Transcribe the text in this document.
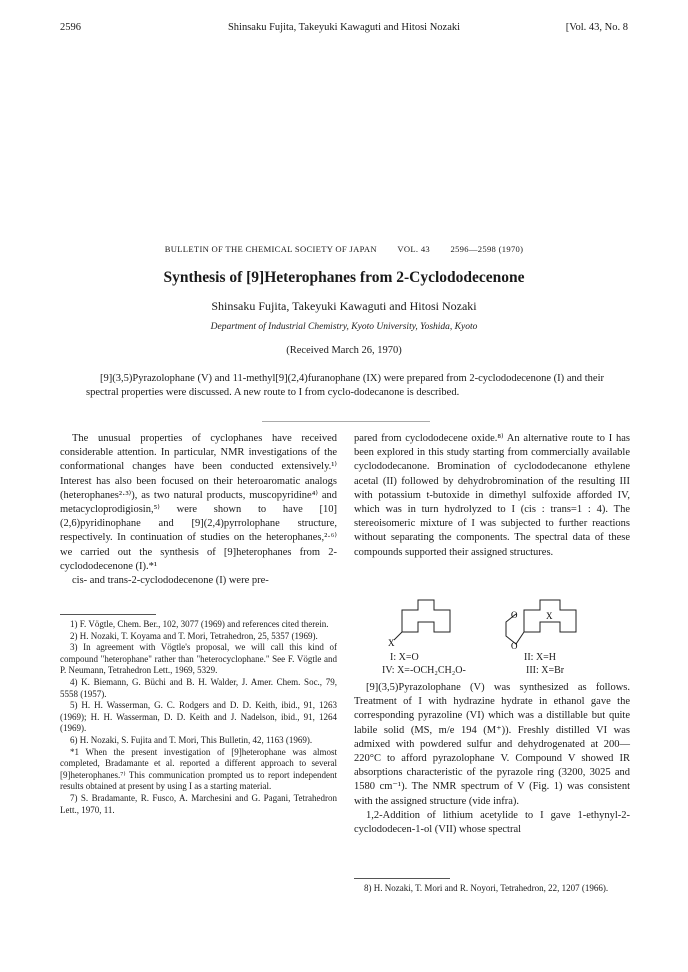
2596	Shinsaku Fujita, Takeyuki Kawaguti and Hitosi Nozaki	[Vol. 43, No. 8
BULLETIN OF THE CHEMICAL SOCIETY OF JAPAN VOL. 43 2596—2598 (1970)
Synthesis of [9]Heterophanes from 2-Cyclododecenone
Shinsaku Fujita, Takeyuki Kawaguti and Hitosi Nozaki
Department of Industrial Chemistry, Kyoto University, Yoshida, Kyoto
(Received March 26, 1970)
[9](3,5)Pyrazolophane (V) and 11-methyl[9](2,4)furanophane (IX) were prepared from 2-cyclododecenone (I) and their spectral properties were discussed. A new route to I from cyclo-dodecanone is described.

The unusual properties of cyclophanes have received considerable attention. In particular, NMR investigations of the conformational changes have been conducted extensively.¹⁾ Interest has also been focused on their heteroaromatic analogs (heterophanes²·³⁾), as two natural products, muscopyridine⁴⁾ and metacycloprodigiosin,⁵⁾ were shown to have [10](2,6)pyridinophane and [9](2,4)pyrrolophane structure, respectively. In continuation of studies on the heterophanes,²·⁶⁾ we carried out the synthesis of [9]heterophanes from 2-cyclododecenone (I).*¹

cis- and trans-2-cyclododecenone (I) were pre-

1) F. Vögtle, Chem. Ber., 102, 3077 (1969) and references cited therein.

2) H. Nozaki, T. Koyama and T. Mori, Tetrahedron, 25, 5357 (1969).

3) In agreement with Vögtle's proposal, we will call this kind of compound "heterophane" rather than "heterocyclophane." See F. Vögtle and P. Neumann, Tetrahedron Lett., 1969, 5329.

4) K. Biemann, G. Büchi and B. H. Walder, J. Amer. Chem. Soc., 79, 5558 (1957).

5) H. H. Wasserman, G. C. Rodgers and D. D. Keith, ibid., 91, 1263 (1969); H. H. Wasserman, D. D. Keith and J. Nadelson, ibid., 91, 1264 (1969).

6) H. Nozaki, S. Fujita and T. Mori, This Bulletin, 42, 1163 (1969).

*1 When the present investigation of [9]heterophane was almost completed, Bradamante et al. reported a different approach to several [9]heterophanes.⁷⁾ This communication prompted us to report independent results obtained at present by using I as a starting material.

7) S. Bradamante, R. Fusco, A. Marchesini and G. Pagani, Tetrahedron Lett., 1970, 11.

pared from cyclododecene oxide.⁸⁾ An alternative route to I has been explored in this study starting from commercially available cyclododecanone. Bromination of cyclododecanone ethylene acetal (II) followed by dehydrobromination of the resulting III with potassium t-butoxide in dimethyl sulfoxide afforded IV, which was in turn hydrolyzed to I (cis : trans=1 : 4). The stereoisomeric mixture of I was subjected to further reactions without separating the components. The spectral data of these compounds supported their assigned structures.

X
O
O
X
I: X=O	II: X=H
IV: X=-OCH₂CH₂O-	III: X=Br

[9](3,5)Pyrazolophane (V) was synthesized as follows. Treatment of I with hydrazine hydrate in ethanol gave the corresponding pyrazoline (VI) which was a distillable but quite labile solid (MS, m/e 194 (M⁺)). Freshly distilled VI was admixed with powdered sulfur and dehydrogenated at 200—220°C to afford pyrazolophane V. Compound V showed IR absorptions characteristic of the pyrazole ring (3200, 3025 and 1580 cm⁻¹). The NMR spectrum of V (Fig. 1) was consistent with the assigned structure (vide infra).

1,2-Addition of lithium acetylide to I gave 1-ethynyl-2-cyclododecen-1-ol (VII) whose spectral

8) H. Nozaki, T. Mori and R. Noyori, Tetrahedron, 22, 1207 (1966).
